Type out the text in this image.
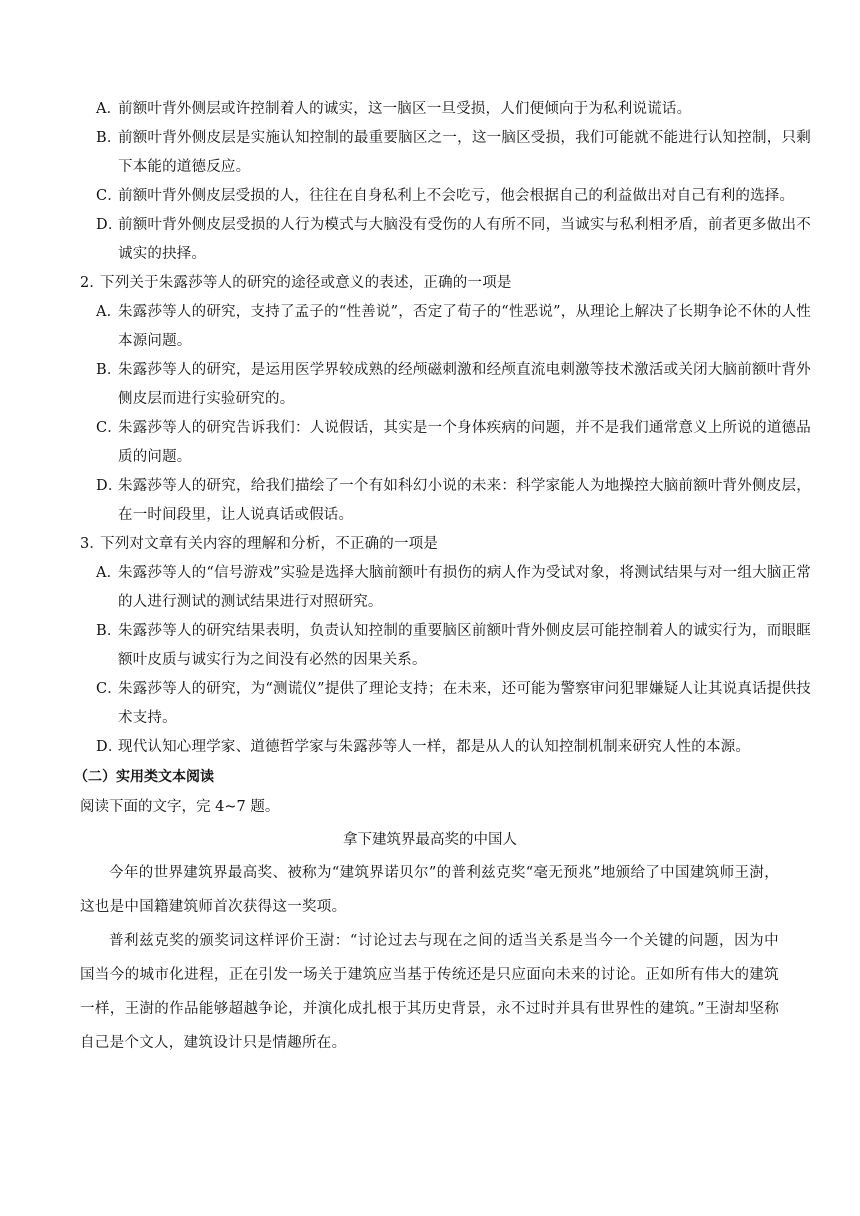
A．
前额叶背外侧层或许控制着人的诚实，这一脑区一旦受损，人们便倾向于为私利说谎话。
B．
前额叶背外侧皮层是实施认知控制的最重要脑区之一，这一脑区受损，我们可能就不能进行认知控制，只剩下本能的道德反应。
C．
前额叶背外侧皮层受损的人，往往在自身私利上不会吃亏，他会根据自己的利益做出对自己有利的选择。
D．
前额叶背外侧皮层受损的人行为模式与大脑没有受伤的人有所不同，当诚实与私利相矛盾，前者更多做出不诚实的抉择。
2．
下列关于朱露莎等人的研究的途径或意义的表述，正确的一项是
A．
朱露莎等人的研究，支持了孟子的“性善说”，否定了荀子的“性恶说”，从理论上解决了长期争论不休的人性本源问题。
B．
朱露莎等人的研究，是运用医学界较成熟的经颅磁刺激和经颅直流电刺激等技术激活或关闭大脑前额叶背外侧皮层而进行实验研究的。
C．
朱露莎等人的研究告诉我们：人说假话，其实是一个身体疾病的问题，并不是我们通常意义上所说的道德品质的问题。
D．
朱露莎等人的研究，给我们描绘了一个有如科幻小说的未来：科学家能人为地操控大脑前额叶背外侧皮层，在一时间段里，让人说真话或假话。
3．
下列对文章有关内容的理解和分析，不正确的一项是
A．
朱露莎等人的“信号游戏”实验是选择大脑前额叶有损伤的病人作为受试对象，将测试结果与对一组大脑正常的人进行测试的测试结果进行对照研究。
B．
朱露莎等人的研究结果表明，负责认知控制的重要脑区前额叶背外侧皮层可能控制着人的诚实行为，而眼眶额叶皮质与诚实行为之间没有必然的因果关系。
C．
朱露莎等人的研究，为“测谎仪”提供了理论支持；在未来，还可能为警察审问犯罪嫌疑人让其说真话提供技术支持。
D．
现代认知心理学家、道德哲学家与朱露莎等人一样，都是从人的认知控制机制来研究人性的本源。
（二）实用类文本阅读
阅读下面的文字，完 4~7 题。
拿下建筑界最高奖的中国人
今年的世界建筑界最高奖、被称为“建筑界诺贝尔”的普利兹克奖“毫无预兆”地颁给了中国建筑师王澍，这也是中国籍建筑师首次获得这一奖项。
普利兹克奖的颁奖词这样评价王澍：“讨论过去与现在之间的适当关系是当今一个关键的问题，因为中国当今的城市化进程，正在引发一场关于建筑应当基于传统还是只应面向未来的讨论。正如所有伟大的建筑一样，王澍的作品能够超越争论，并演化成扎根于其历史背景，永不过时并具有世界性的建筑。”王澍却坚称自己是个文人，建筑设计只是情趣所在。
